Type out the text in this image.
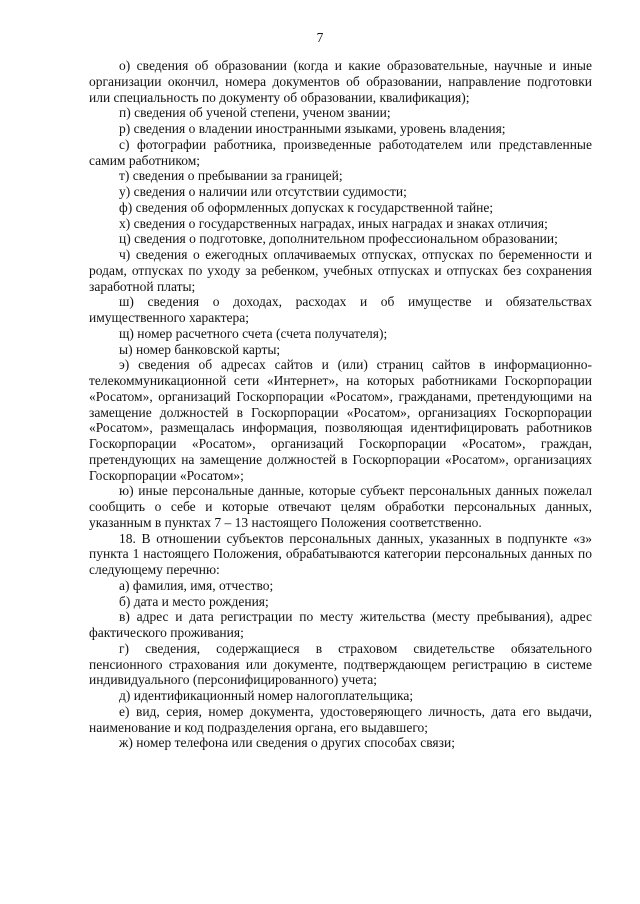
7

о) сведения об образовании (когда и какие образовательные, научные и иные организации окончил, номера документов об образовании, направление подготовки или специальность по документу об образовании, квалификация);

п) сведения об ученой степени, ученом звании;

р) сведения о владении иностранными языками, уровень владения;

с) фотографии работника, произведенные работодателем или представленные самим работником;

т) сведения о пребывании за границей;

у) сведения о наличии или отсутствии судимости;

ф) сведения об оформленных допусках к государственной тайне;

х) сведения о государственных наградах, иных наградах и знаках отличия;

ц) сведения о подготовке, дополнительном профессиональном образовании;

ч) сведения о ежегодных оплачиваемых отпусках, отпусках по беременности и родам, отпусках по уходу за ребенком, учебных отпусках и отпусках без сохранения заработной платы;

ш) сведения о доходах, расходах и об имуществе и обязательствах имущественного характера;

щ) номер расчетного счета (счета получателя);

ы) номер банковской карты;

э) сведения об адресах сайтов и (или) страниц сайтов в информационно-телекоммуникационной сети «Интернет», на которых работниками Госкорпорации «Росатом», организаций Госкорпорации «Росатом», гражданами, претендующими на замещение должностей в Госкорпорации «Росатом», организациях Госкорпорации «Росатом», размещалась информация, позволяющая идентифицировать работников Госкорпорации «Росатом», организаций Госкорпорации «Росатом», граждан, претендующих на замещение должностей в Госкорпорации «Росатом», организациях Госкорпорации «Росатом»;

ю) иные персональные данные, которые субъект персональных данных пожелал сообщить о себе и которые отвечают целям обработки персональных данных, указанным в пунктах 7 – 13 настоящего Положения соответственно.

18. В отношении субъектов персональных данных, указанных в подпункте «з» пункта 1 настоящего Положения, обрабатываются категории персональных данных по следующему перечню:

а) фамилия, имя, отчество;

б) дата и место рождения;

в) адрес и дата регистрации по месту жительства (месту пребывания), адрес фактического проживания;

г) сведения, содержащиеся в страховом свидетельстве обязательного пенсионного страхования или документе, подтверждающем регистрацию в системе индивидуального (персонифицированного) учета;

д) идентификационный номер налогоплательщика;

е) вид, серия, номер документа, удостоверяющего личность, дата его выдачи, наименование и код подразделения органа, его выдавшего;

ж) номер телефона или сведения о других способах связи;
